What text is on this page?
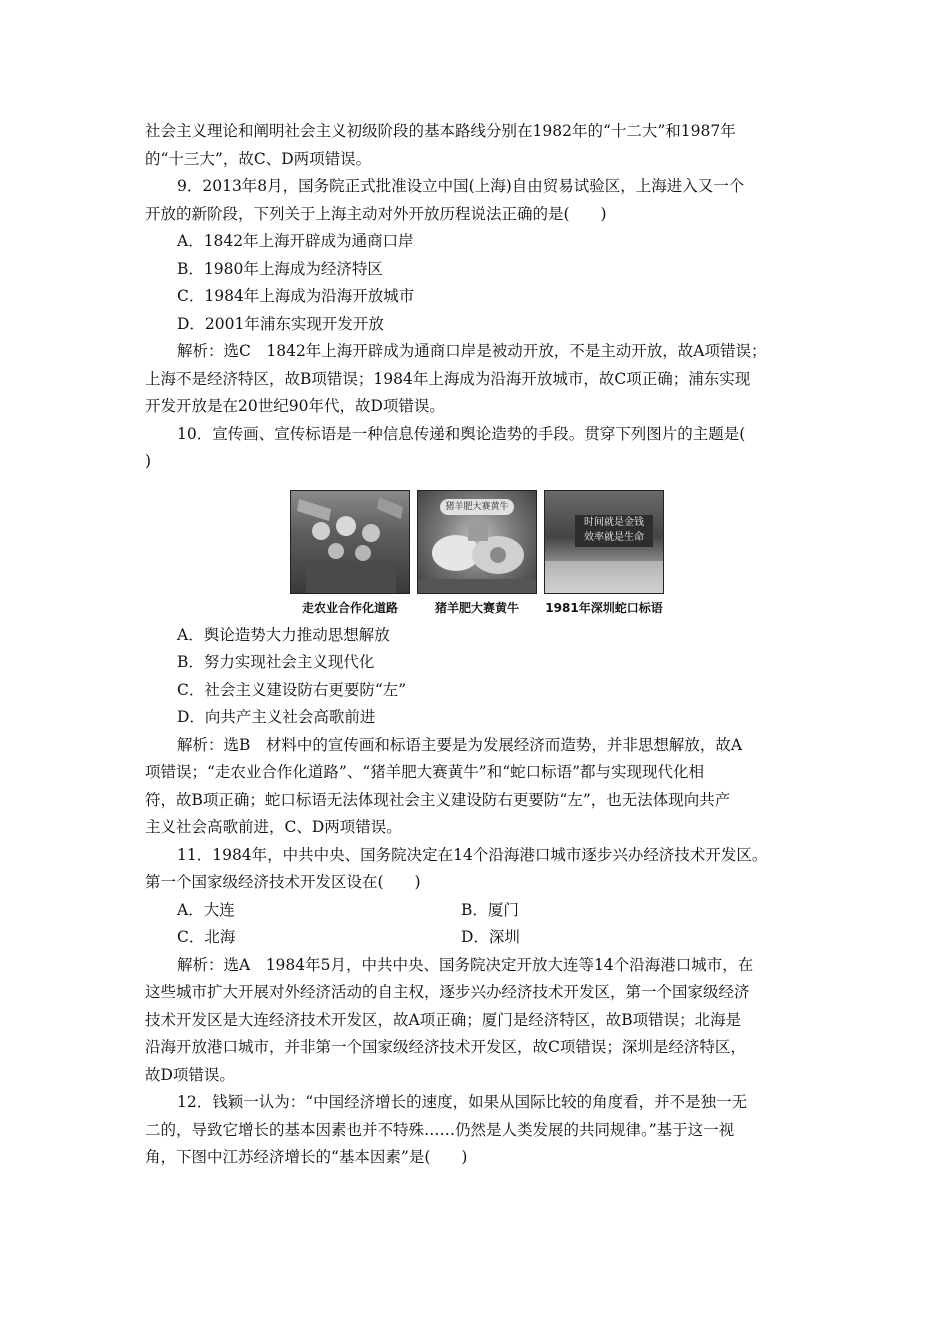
社会主义理论和阐明社会主义初级阶段的基本路线分别在1982年的“十二大”和1987年
的“十三大”，故C、D两项错误。
9．2013年8月，国务院正式批准设立中国(上海)自由贸易试验区，上海进入又一个
开放的新阶段，下列关于上海主动对外开放历程说法正确的是(　　)
A．1842年上海开辟成为通商口岸
B．1980年上海成为经济特区
C．1984年上海成为沿海开放城市
D．2001年浦东实现开发开放
解析：选C　1842年上海开辟成为通商口岸是被动开放，不是主动开放，故A项错误；
上海不是经济特区，故B项错误；1984年上海成为沿海开放城市，故C项正确；浦东实现
开发开放是在20世纪90年代，故D项错误。
10．宣传画、宣传标语是一种信息传递和舆论造势的手段。贯穿下列图片的主题是(
)
走农业合作化道路
猪羊肥大赛黄牛
猪羊肥大赛黄牛
时间就是金钱
效率就是生命
1981年深圳蛇口标语
A．舆论造势大力推动思想解放
B．努力实现社会主义现代化
C．社会主义建设防右更要防“左”
D．向共产主义社会高歌前进
解析：选B　材料中的宣传画和标语主要是为发展经济而造势，并非思想解放，故A
项错误；“走农业合作化道路”、“猪羊肥大赛黄牛”和“蛇口标语”都与实现现代化相
符，故B项正确；蛇口标语无法体现社会主义建设防右更要防“左”，也无法体现向共产
主义社会高歌前进，C、D两项错误。
11．1984年，中共中央、国务院决定在14个沿海港口城市逐步兴办经济技术开发区。
第一个国家级经济技术开发区设在(　　)
A．大连	B．厦门
C．北海	D．深圳
解析：选A　1984年5月，中共中央、国务院决定开放大连等14个沿海港口城市，在
这些城市扩大开展对外经济活动的自主权，逐步兴办经济技术开发区，第一个国家级经济
技术开发区是大连经济技术开发区，故A项正确；厦门是经济特区，故B项错误；北海是
沿海开放港口城市，并非第一个国家级经济技术开发区，故C项错误；深圳是经济特区，
故D项错误。
12．钱颖一认为：“中国经济增长的速度，如果从国际比较的角度看，并不是独一无
二的，导致它增长的基本因素也并不特殊……仍然是人类发展的共同规律。”基于这一视
角，下图中江苏经济增长的“基本因素”是(　　)
